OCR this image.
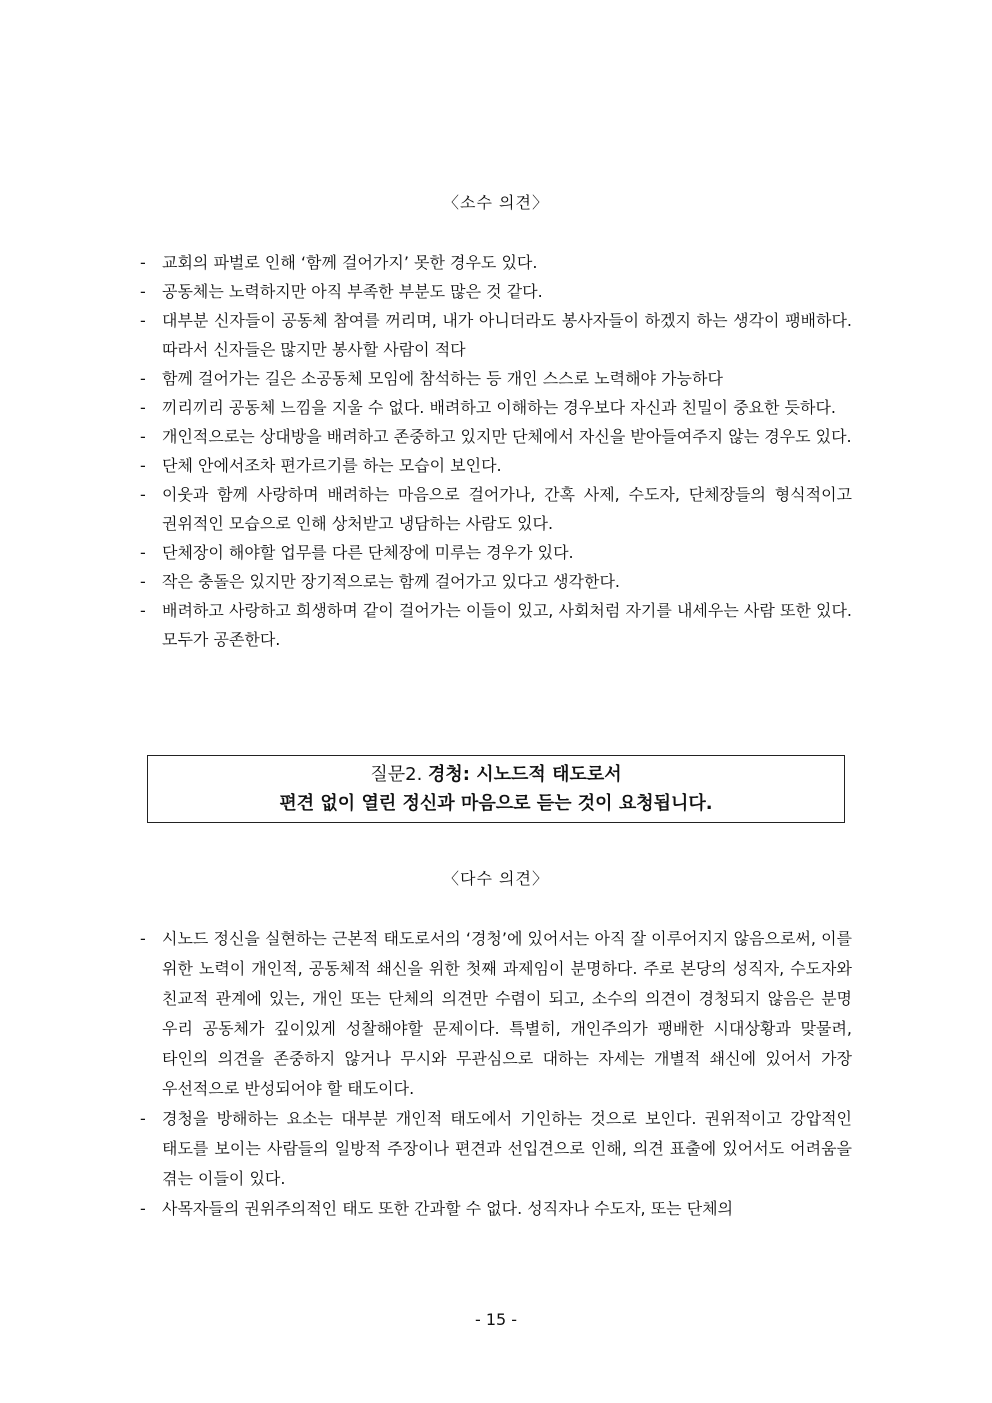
〈소수 의견〉
-	교회의 파벌로 인해 ‘함께 걸어가지’ 못한 경우도 있다.
-	공동체는 노력하지만 아직 부족한 부분도 많은 것 같다.
-	대부분 신자들이 공동체 참여를 꺼리며, 내가 아니더라도 봉사자들이 하겠지 하는 생각이 팽배하다. 따라서 신자들은 많지만 봉사할 사람이 적다
-	함께 걸어가는 길은 소공동체 모임에 참석하는 등 개인 스스로 노력해야 가능하다
-	끼리끼리 공동체 느낌을 지울 수 없다. 배려하고 이해하는 경우보다 자신과 친밀이 중요한 듯하다.
-	개인적으로는 상대방을 배려하고 존중하고 있지만 단체에서 자신을 받아들여주지 않는 경우도 있다.
-	단체 안에서조차 편가르기를 하는 모습이 보인다.
-	이웃과 함께 사랑하며 배려하는 마음으로 걸어가나, 간혹 사제, 수도자, 단체장들의 형식적이고 권위적인 모습으로 인해 상처받고 냉담하는 사람도 있다.
-	단체장이 해야할 업무를 다른 단체장에 미루는 경우가 있다.
-	작은 충돌은 있지만 장기적으로는 함께 걸어가고 있다고 생각한다.
-	배려하고 사랑하고 희생하며 같이 걸어가는 이들이 있고, 사회처럼 자기를 내세우는 사람 또한 있다. 모두가 공존한다.
질문2. 경청: 시노드적 태도로서
편견 없이 열린 정신과 마음으로 듣는 것이 요청됩니다.
〈다수 의견〉
-	시노드 정신을 실현하는 근본적 태도로서의 ‘경청’에 있어서는 아직 잘 이루어지지 않음으로써, 이를 위한 노력이 개인적, 공동체적 쇄신을 위한 첫째 과제임이 분명하다. 주로 본당의 성직자, 수도자와 친교적 관계에 있는, 개인 또는 단체의 의견만 수렴이 되고, 소수의 의견이 경청되지 않음은 분명 우리 공동체가 깊이있게 성찰해야할 문제이다. 특별히, 개인주의가 팽배한 시대상황과 맞물려, 타인의 의견을 존중하지 않거나 무시와 무관심으로 대하는 자세는 개별적 쇄신에 있어서 가장 우선적으로 반성되어야 할 태도이다.
-	경청을 방해하는 요소는 대부분 개인적 태도에서 기인하는 것으로 보인다. 권위적이고 강압적인 태도를 보이는 사람들의 일방적 주장이나 편견과 선입견으로 인해, 의견 표출에 있어서도 어려움을 겪는 이들이 있다.
-	사목자들의 권위주의적인 태도 또한 간과할 수 없다. 성직자나 수도자, 또는 단체의
- 15 -
